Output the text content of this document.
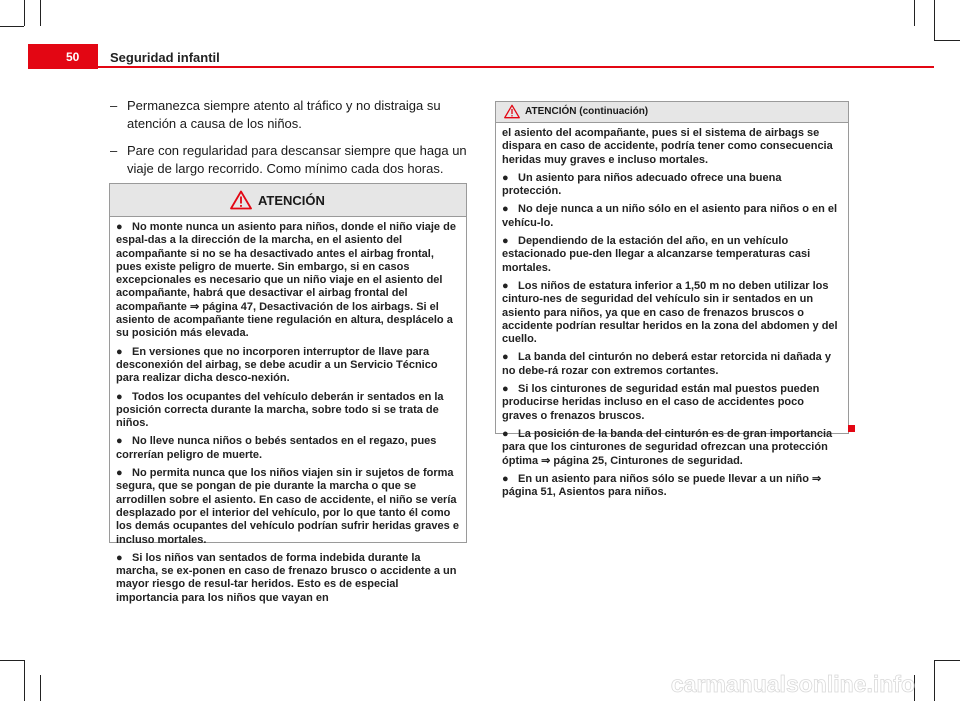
50 Seguridad infantil
– Permanezca siempre atento al tráfico y no distraiga su atención a causa de los niños.
– Pare con regularidad para descansar siempre que haga un viaje de largo recorrido. Como mínimo cada dos horas.
ATENCIÓN

● No monte nunca un asiento para niños, donde el niño viaje de espal-das a la dirección de la marcha, en el asiento del acompañante si no se ha desactivado antes el airbag frontal, pues existe peligro de muerte. Sin embargo, si en casos excepcionales es necesario que un niño viaje en el asiento del acompañante, habrá que desactivar el airbag frontal del acompañante ⇒ página 47, Desactivación de los airbags. Si el asiento de acompañante tiene regulación en altura, desplácelo a su posición más elevada.

● En versiones que no incorporen interruptor de llave para desconexión del airbag, se debe acudir a un Servicio Técnico para realizar dicha desco-nexión.

● Todos los ocupantes del vehículo deberán ir sentados en la posición correcta durante la marcha, sobre todo si se trata de niños.

● No lleve nunca niños o bebés sentados en el regazo, pues correrían peligro de muerte.

● No permita nunca que los niños viajen sin ir sujetos de forma segura, que se pongan de pie durante la marcha o que se arrodillen sobre el asiento. En caso de accidente, el niño se vería desplazado por el interior del vehículo, por lo que tanto él como los demás ocupantes del vehículo podrían sufrir heridas graves e incluso mortales.

● Si los niños van sentados de forma indebida durante la marcha, se ex-ponen en caso de frenazo brusco o accidente a un mayor riesgo de resul-tar heridos. Esto es de especial importancia para los niños que vayan en

ATENCIÓN (continuación)

el asiento del acompañante, pues si el sistema de airbags se dispara en caso de accidente, podría tener como consecuencia heridas muy graves e incluso mortales.

● Un asiento para niños adecuado ofrece una buena protección.

● No deje nunca a un niño sólo en el asiento para niños o en el vehícu-lo.

● Dependiendo de la estación del año, en un vehículo estacionado pue-den llegar a alcanzarse temperaturas casi mortales.

● Los niños de estatura inferior a 1,50 m no deben utilizar los cinturo-nes de seguridad del vehículo sin ir sentados en un asiento para niños, ya que en caso de frenazos bruscos o accidente podrían resultar heridos en la zona del abdomen y del cuello.

● La banda del cinturón no deberá estar retorcida ni dañada y no debe-rá rozar con extremos cortantes.

● Si los cinturones de seguridad están mal puestos pueden producirse heridas incluso en el caso de accidentes poco graves o frenazos bruscos.

● La posición de la banda del cinturón es de gran importancia para que los cinturones de seguridad ofrezcan una protección óptima ⇒ página 25, Cinturones de seguridad.

● En un asiento para niños sólo se puede llevar a un niño ⇒ página 51, Asientos para niños.

carmanualsonline.info
